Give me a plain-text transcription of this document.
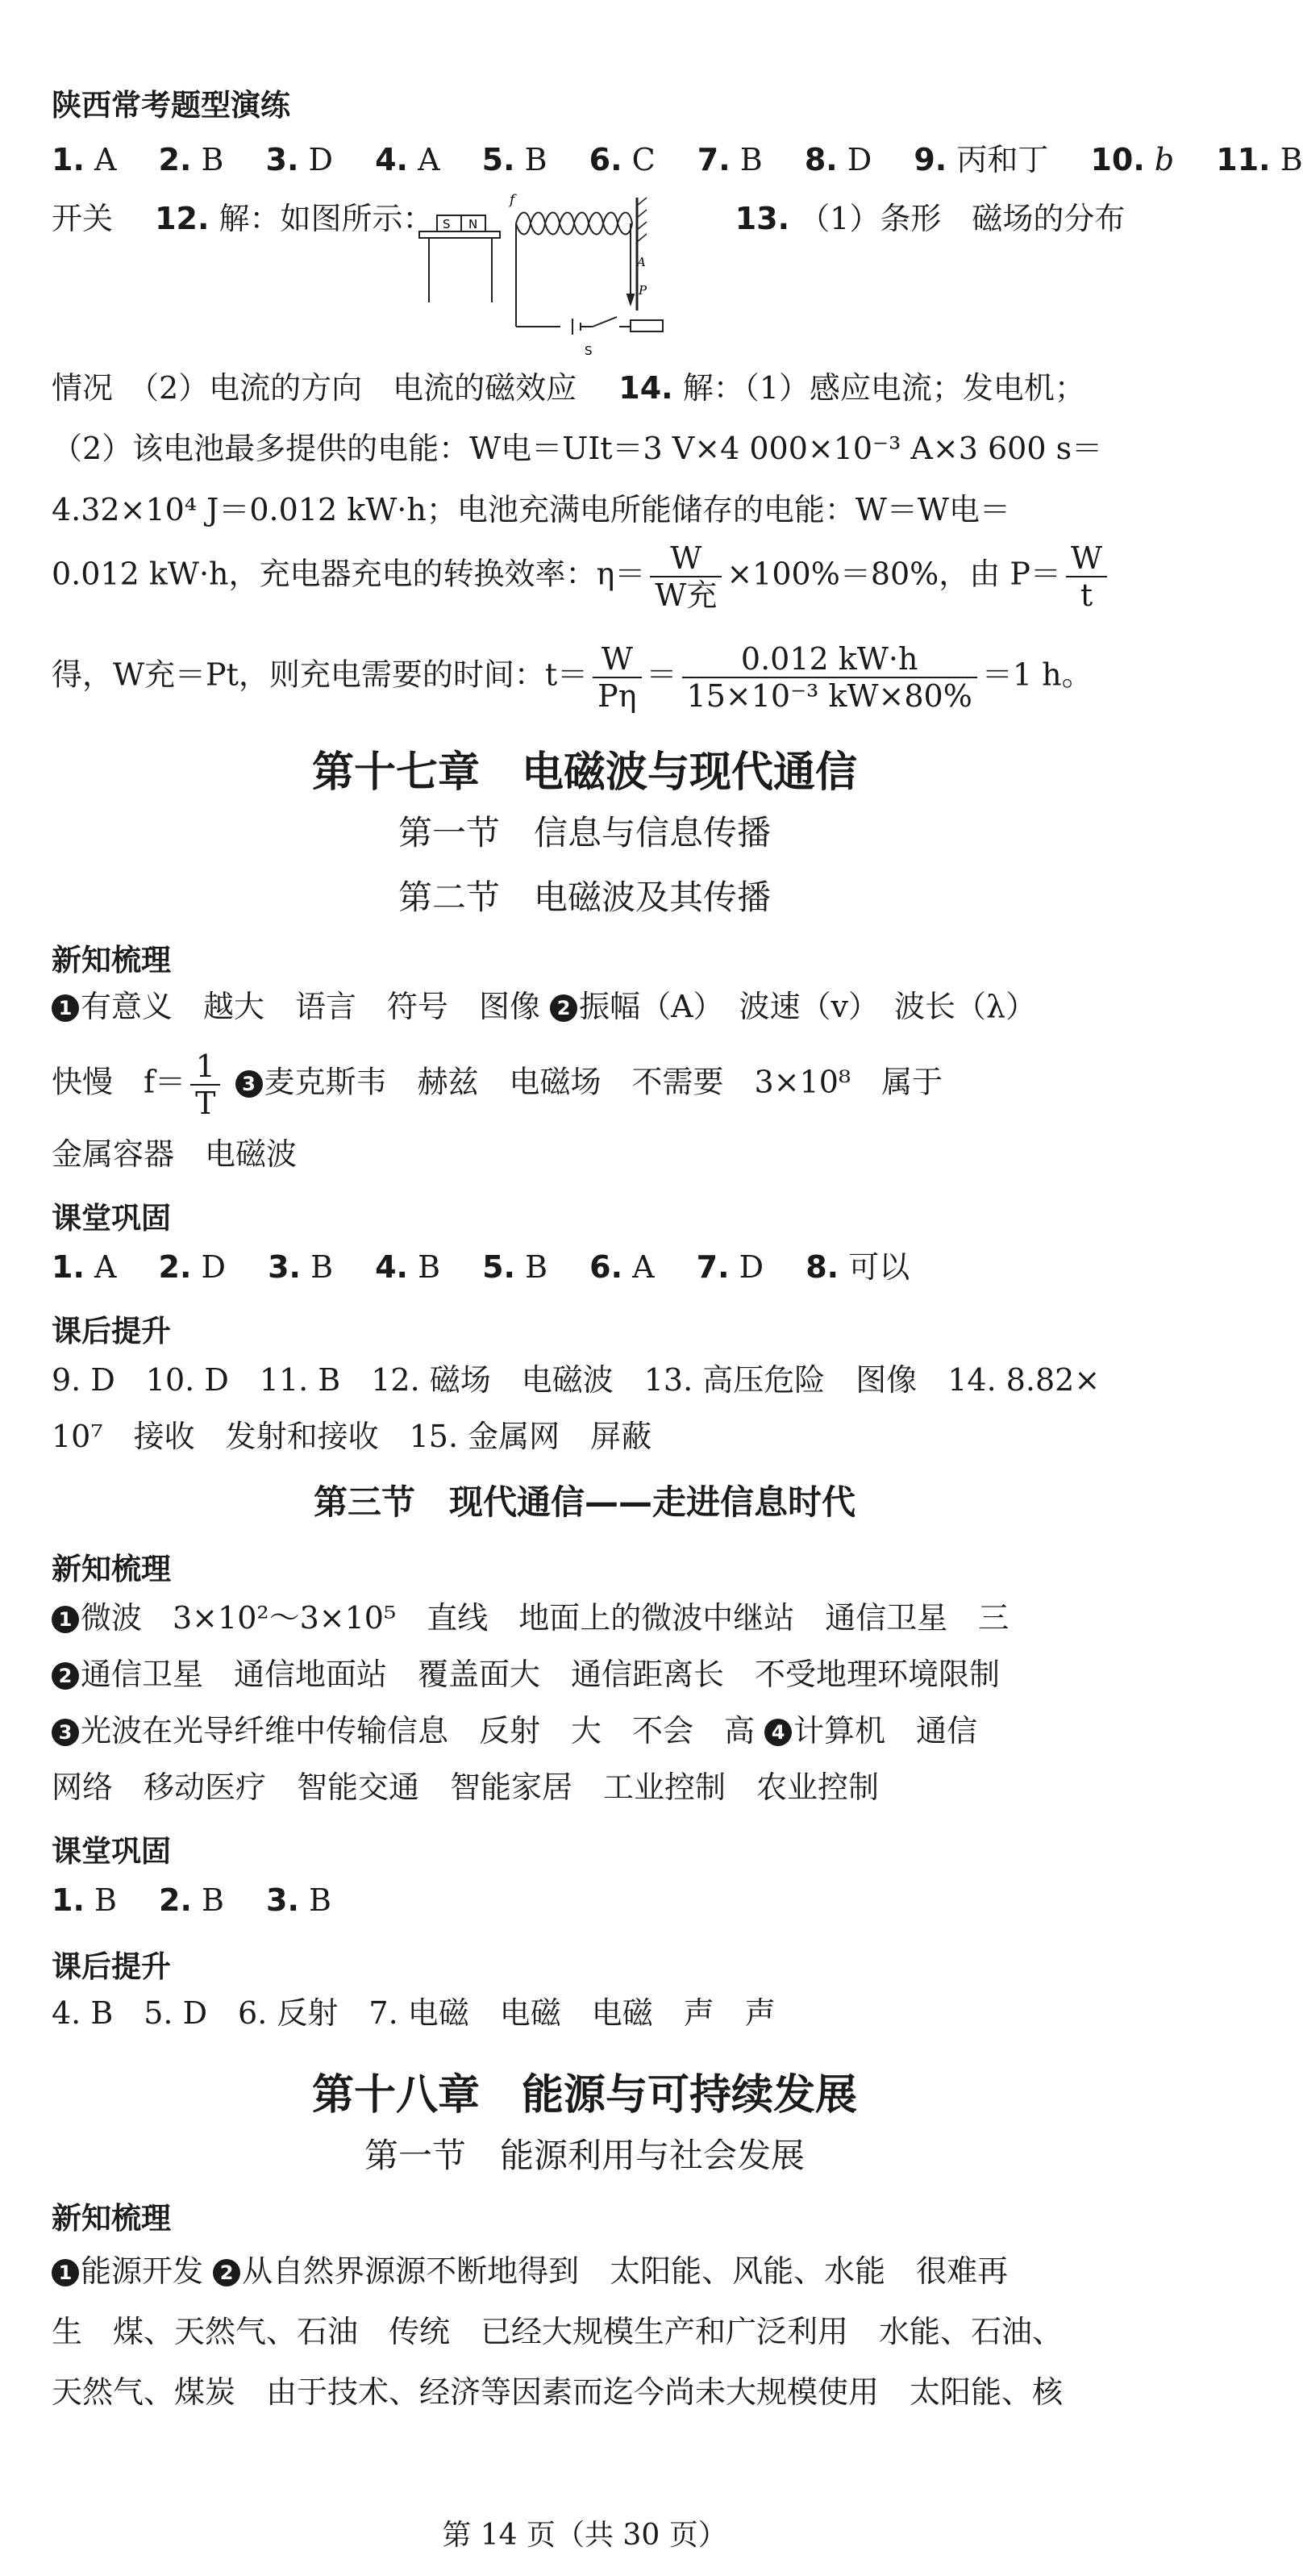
陕西常考题型演练
1. A 2. B 3. D 4. A 5. B 6. C 7. B 8. D 9. 丙和丁 10. b 11. B
开关 12. 解：如图所示：	13. （1）条形　磁场的分布
S N
f
A
P
S
情况　（2）电流的方向　电流的磁效应 14. 解：（1）感应电流；发电机；
（2）该电池最多提供的电能：W电＝UIt＝3 V×4 000×10⁻³ A×3 600 s＝
4.32×10⁴ J＝0.012 kW·h；电池充满电所能储存的电能：W＝W电＝
0.012 kW·h，充电器充电的转换效率：$\eta= \frac{W}{\text{W充}} \times 100\%=80\%$，由 $P= \frac{W}{t}$
得，W充＝Pt，则充电需要的时间：$t= \frac{W}{P\eta} = \frac{0.012 kW\cdot h}{\text{15×10⁻³ kW×80\%}} =1$ h。
第十七章　电磁波与现代通信
第一节　信息与信息传播
第二节　电磁波及其传播
新知梳理
1 有意义　越大　语言　符号　图像 2 振幅（A）　波速（v）　波长（λ）
快慢　$f= \frac{1}{T} 3$ 麦克斯韦　赫兹　电磁场　不需要　3×10⁸　属于
金属容器　电磁波
课堂巩固
1. A 2. D 3. B 4. B 5. B 6. A 7. D 8. 可以
课后提升
9. D　10. D　11. B　12. 磁场　电磁波　13. 高压危险　图像　14. 8.82×
10⁷　接收　发射和接收　15. 金属网　屏蔽
第三节　现代通信——走进信息时代
新知梳理
1 微波　3×10²～3×10⁵　直线　地面上的微波中继站　通信卫星　三
2 通信卫星　通信地面站　覆盖面大　通信距离长　不受地理环境限制
3 光波在光导纤维中传输信息　反射　大　不会　高 4 计算机　通信
网络　移动医疗　智能交通　智能家居　工业控制　农业控制
课堂巩固
1. B 2. B 3. B
课后提升
4. B　5. D　6. 反射　7. 电磁　电磁　电磁　声　声
第十八章　能源与可持续发展
第一节　能源利用与社会发展
新知梳理
1 能源开发 2 从自然界源源不断地得到　太阳能、风能、水能　很难再
生　煤、天然气、石油　传统　已经大规模生产和广泛利用　水能、石油、
天然气、煤炭　由于技术、经济等因素而迄今尚未大规模使用　太阳能、核
第 14 页（共 30 页）
